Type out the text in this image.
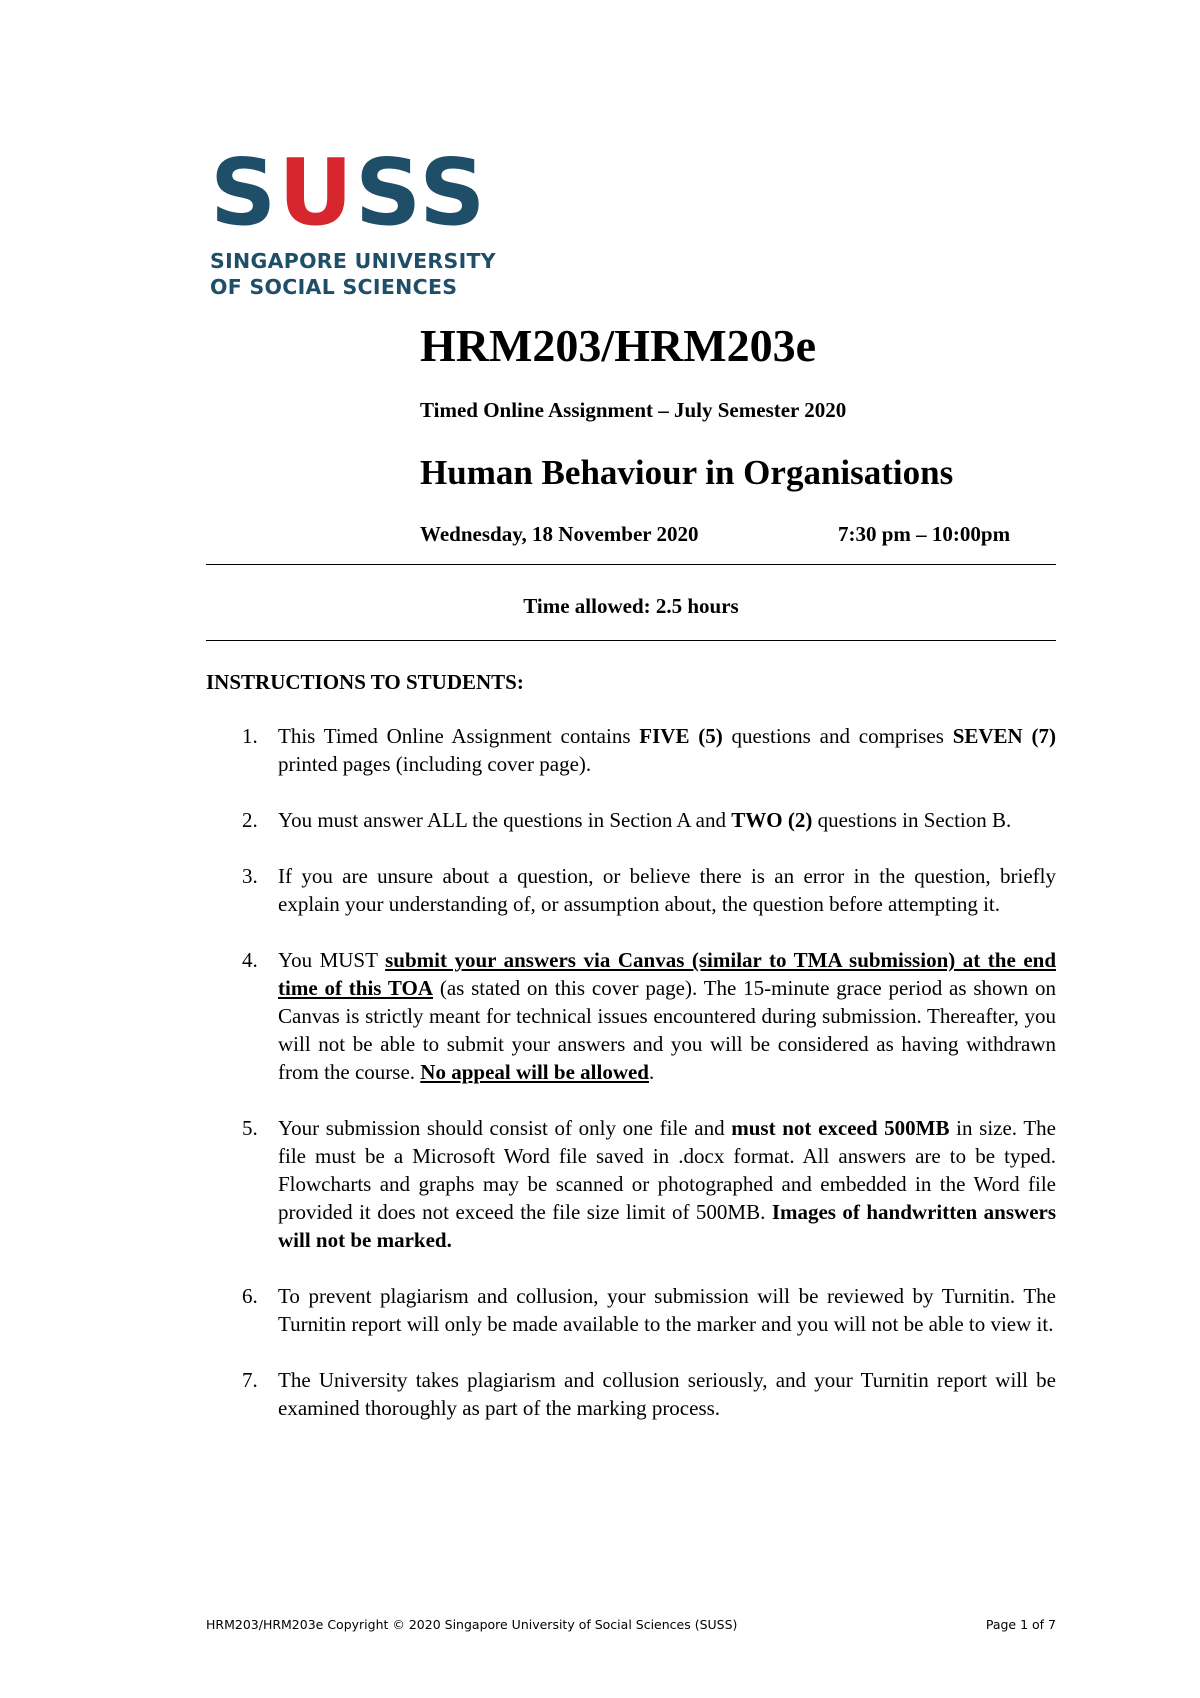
SUSS
SINGAPORE UNIVERSITY
OF SOCIAL SCIENCES
HRM203/HRM203e
Timed Online Assignment – July Semester 2020
Human Behaviour in Organisations
Wednesday, 18 November 2020	7:30 pm – 10:00pm
Time allowed: 2.5 hours
INSTRUCTIONS TO STUDENTS:
1. This Timed Online Assignment contains FIVE (5) questions and comprises SEVEN (7) printed pages (including cover page).
2. You must answer ALL the questions in Section A and TWO (2) questions in Section B.
3. If you are unsure about a question, or believe there is an error in the question, briefly explain your understanding of, or assumption about, the question before attempting it.
4. You MUST submit your answers via Canvas (similar to TMA submission) at the end time of this TOA (as stated on this cover page). The 15-minute grace period as shown on Canvas is strictly meant for technical issues encountered during submission. Thereafter, you will not be able to submit your answers and you will be considered as having withdrawn from the course. No appeal will be allowed.
5. Your submission should consist of only one file and must not exceed 500MB in size. The file must be a Microsoft Word file saved in .docx format. All answers are to be typed. Flowcharts and graphs may be scanned or photographed and embedded in the Word file provided it does not exceed the file size limit of 500MB. Images of handwritten answers will not be marked.
6. To prevent plagiarism and collusion, your submission will be reviewed by Turnitin. The Turnitin report will only be made available to the marker and you will not be able to view it.
7. The University takes plagiarism and collusion seriously, and your Turnitin report will be examined thoroughly as part of the marking process.
HRM203/HRM203e Copyright © 2020 Singapore University of Social Sciences (SUSS)	Page 1 of 7
